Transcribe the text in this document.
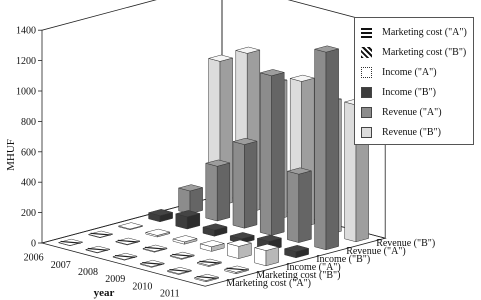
0
200
400
600
800
1000
1200
1400
2006
2007
2008
2009
2010
2011
Marketing cost ("A")
Marketing cost ("B")
Income ("A")
Income ("B")
Revenue ("A")
Revenue ("B")
MHUF
year
Marketing cost ("A")
Marketing cost ("B")
Income ("A")
Income ("B")
Revenue ("A")
Revenue ("B")
